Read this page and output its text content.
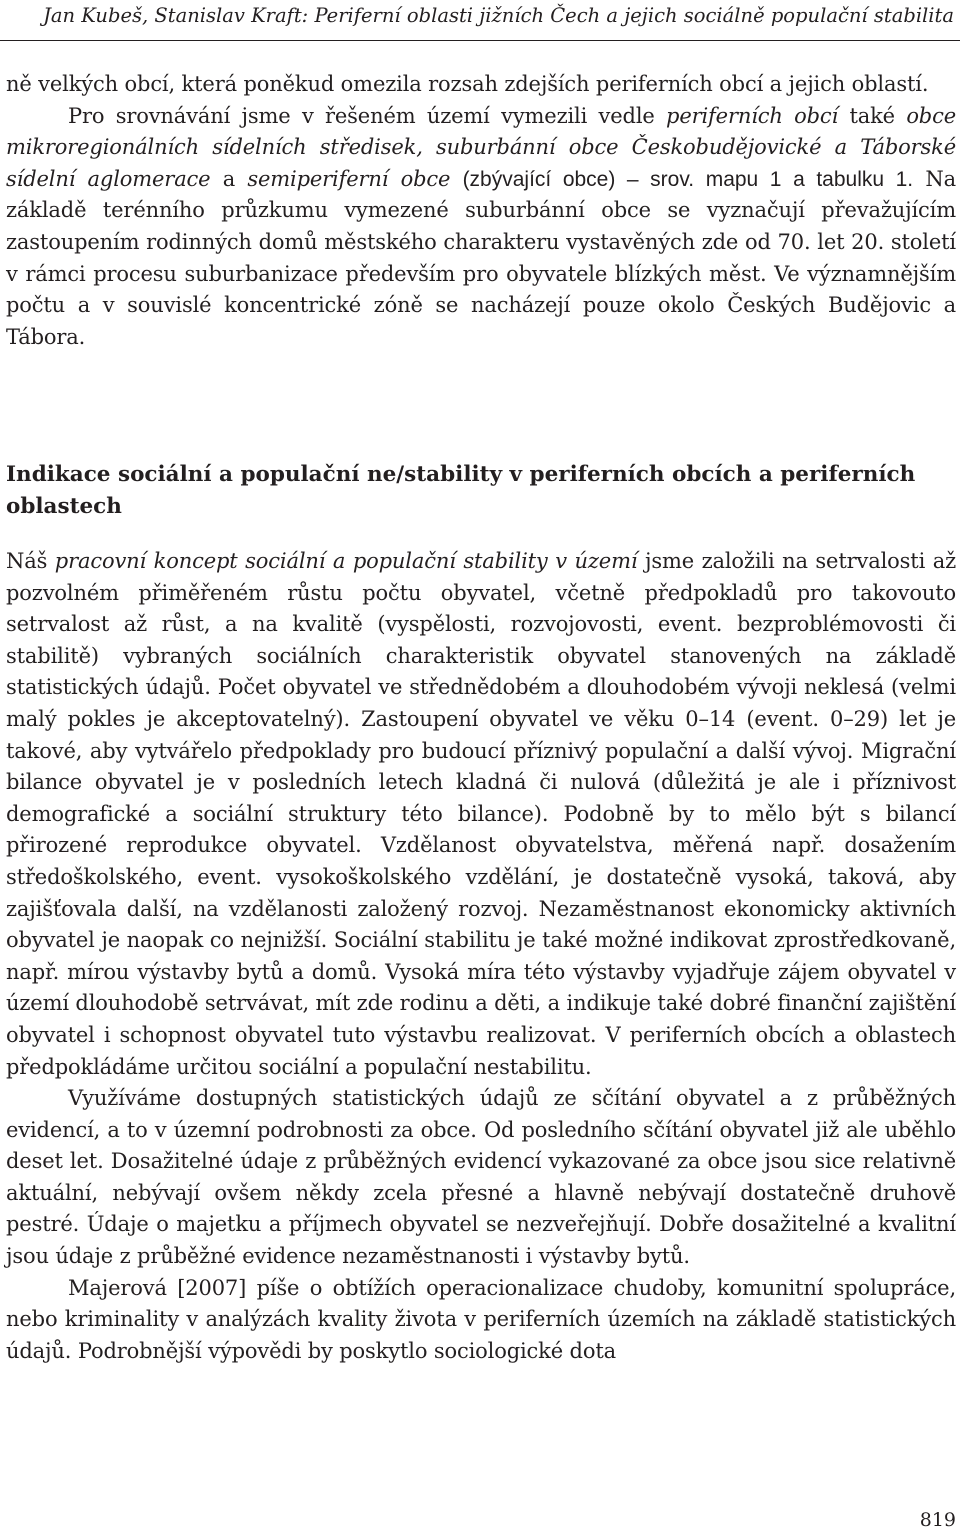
Jan Kubeš, Stanislav Kraft: Periferní oblasti jižních Čech a jejich sociálně populační stabilita

ně velkých obcí, která poněkud omezila rozsah zdejších periferních obcí a jejich oblastí.

Pro srovnávání jsme v řešeném území vymezili vedle periferních obcí také obce mikroregionálních sídelních středisek, suburbánní obce Českobudějovické a Táborské sídelní aglomerace a semiperiferní obce (zbývající obce) – srov. mapu 1 a tabulku 1. Na základě terénního průzkumu vymezené suburbánní obce se vyznačují převažujícím zastoupením rodinných domů městského charakteru vystavěných zde od 70. let 20. století v rámci procesu suburbanizace především pro obyvatele blízkých měst. Ve významnějším počtu a v souvislé koncentrické zóně se nacházejí pouze okolo Českých Budějovic a Tábora.

Indikace sociální a populační ne/stability v periferních obcích a periferních oblastech

Náš pracovní koncept sociální a populační stability v území jsme založili na setrvalosti až pozvolném přiměřeném růstu počtu obyvatel, včetně předpokladů pro takovouto setrvalost až růst, a na kvalitě (vyspělosti, rozvojovosti, event. bezproblémovosti či stabilitě) vybraných sociálních charakteristik obyvatel stanovených na základě statistických údajů. Počet obyvatel ve střednědobém a dlouhodobém vývoji neklesá (velmi malý pokles je akceptovatelný). Zastoupení obyvatel ve věku 0–14 (event. 0–29) let je takové, aby vytvářelo předpoklady pro budoucí příznivý populační a další vývoj. Migrační bilance obyvatel je v posledních letech kladná či nulová (důležitá je ale i příznivost demografické a sociální struktury této bilance). Podobně by to mělo být s bilancí přirozené reprodukce obyvatel. Vzdělanost obyvatelstva, měřená např. dosažením středoškolského, event. vysokoškolského vzdělání, je dostatečně vysoká, taková, aby zajišťovala další, na vzdělanosti založený rozvoj. Nezaměstnanost ekonomicky aktivních obyvatel je naopak co nejnižší. Sociální stabilitu je také možné indikovat zprostředkovaně, např. mírou výstavby bytů a domů. Vysoká míra této výstavby vyjadřuje zájem obyvatel v území dlouhodobě setrvávat, mít zde rodinu a děti, a indikuje také dobré finanční zajištění obyvatel i schopnost obyvatel tuto výstavbu realizovat. V periferních obcích a oblastech předpokládáme určitou sociální a populační nestabilitu.

Využíváme dostupných statistických údajů ze sčítání obyvatel a z průběžných evidencí, a to v územní podrobnosti za obce. Od posledního sčítání obyvatel již ale uběhlo deset let. Dosažitelné údaje z průběžných evidencí vykazované za obce jsou sice relativně aktuální, nebývají ovšem někdy zcela přesné a hlavně nebývají dostatečně druhově pestré. Údaje o majetku a příjmech obyvatel se nezveřejňují. Dobře dosažitelné a kvalitní jsou údaje z průběžné evidence nezaměstnanosti i výstavby bytů.

Majerová [2007] píše o obtížích operacionalizace chudoby, komunitní spolupráce, nebo kriminality v analýzách kvality života v periferních územích na základě statistických údajů. Podrobnější výpovědi by poskytlo sociologické dota

819
